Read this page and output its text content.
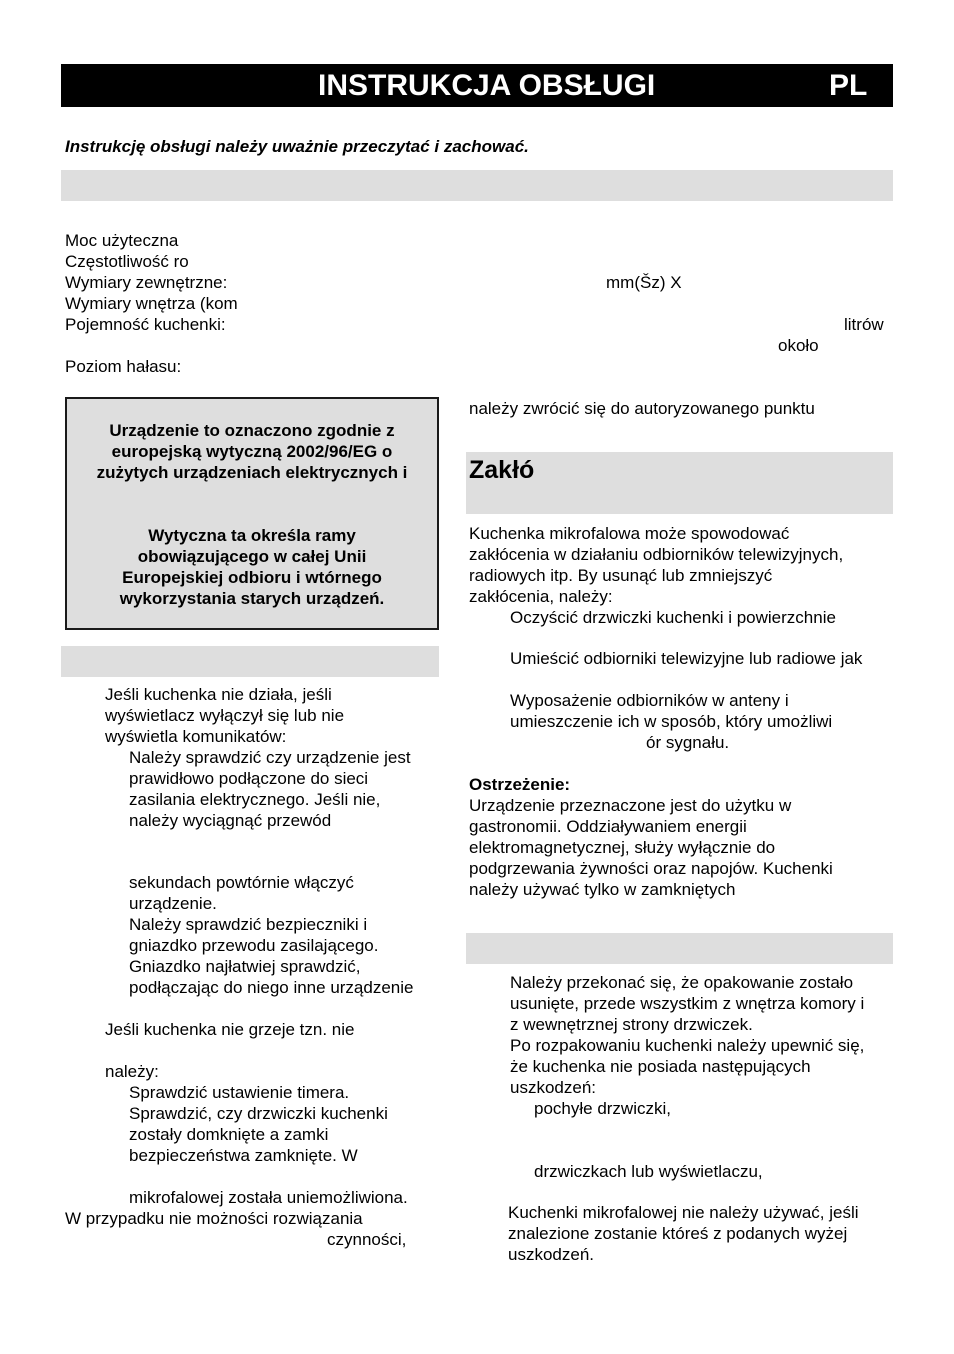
INSTRUKCJA OBSŁUGI	PL
Instrukcję obsługi należy uważnie przeczytać i zachować.
Moc użyteczna
Częstotliwość ro
Wymiary zewnętrzne:	mm(Šz) X
Wymiary wnętrza (kom
Pojemność kuchenki:	litrów
około
Poziom hałasu:
Urządzenie to oznaczono zgodnie z
europejską wytyczną 2002/96/EG o
zużytych urządzeniach elektrycznych i
Wytyczna ta określa ramy
obowiązującego w całej Unii
Europejskiej odbioru i wtórnego
wykorzystania starych urządzeń.
Jeśli kuchenka nie działa, jeśli
wyświetlacz wyłączył się lub nie
wyświetla komunikatów:
Należy sprawdzić czy urządzenie jest
prawidłowo podłączone do sieci
zasilania elektrycznego. Jeśli nie,
należy wyciągnąć przewód
sekundach powtórnie włączyć
urządzenie.
Należy sprawdzić bezpieczniki i
gniazdko przewodu zasilającego.
Gniazdko najłatwiej sprawdzić,
podłączając do niego inne urządzenie
Jeśli kuchenka nie grzeje tzn. nie
należy:
Sprawdzić ustawienie timera.
Sprawdzić, czy drzwiczki kuchenki
zostały domknięte a zamki
bezpieczeństwa zamknięte. W
mikrofalowej została uniemożliwiona.
W przypadku nie możności rozwiązania
czynności,
należy zwrócić się do autoryzowanego punktu
Zakłó
Kuchenka mikrofalowa może spowodować
zakłócenia w działaniu odbiorników telewizyjnych,
radiowych itp. By usunąć lub zmniejszyć
zakłócenia, należy:
Oczyścić drzwiczki kuchenki i powierzchnie
Umieścić odbiorniki telewizyjne lub radiowe jak
Wyposażenie odbiorników w anteny i
umieszczenie ich w sposób, który umożliwi
ór sygnału.
Ostrzeżenie:
Urządzenie przeznaczone jest do użytku w
gastronomii. Oddziaływaniem energii
elektromagnetycznej, służy wyłącznie do
podgrzewania żywności oraz napojów. Kuchenki
należy używać tylko w zamkniętych
Należy przekonać się, że opakowanie zostało
usunięte, przede wszystkim z wnętrza komory i
z wewnętrznej strony drzwiczek.
Po rozpakowaniu kuchenki należy upewnić się,
że kuchenka nie posiada następujących
uszkodzeń:
pochyłe drzwiczki,
drzwiczkach lub wyświetlaczu,
Kuchenki mikrofalowej nie należy używać, jeśli
znalezione zostanie któreś z podanych wyżej
uszkodzeń.
